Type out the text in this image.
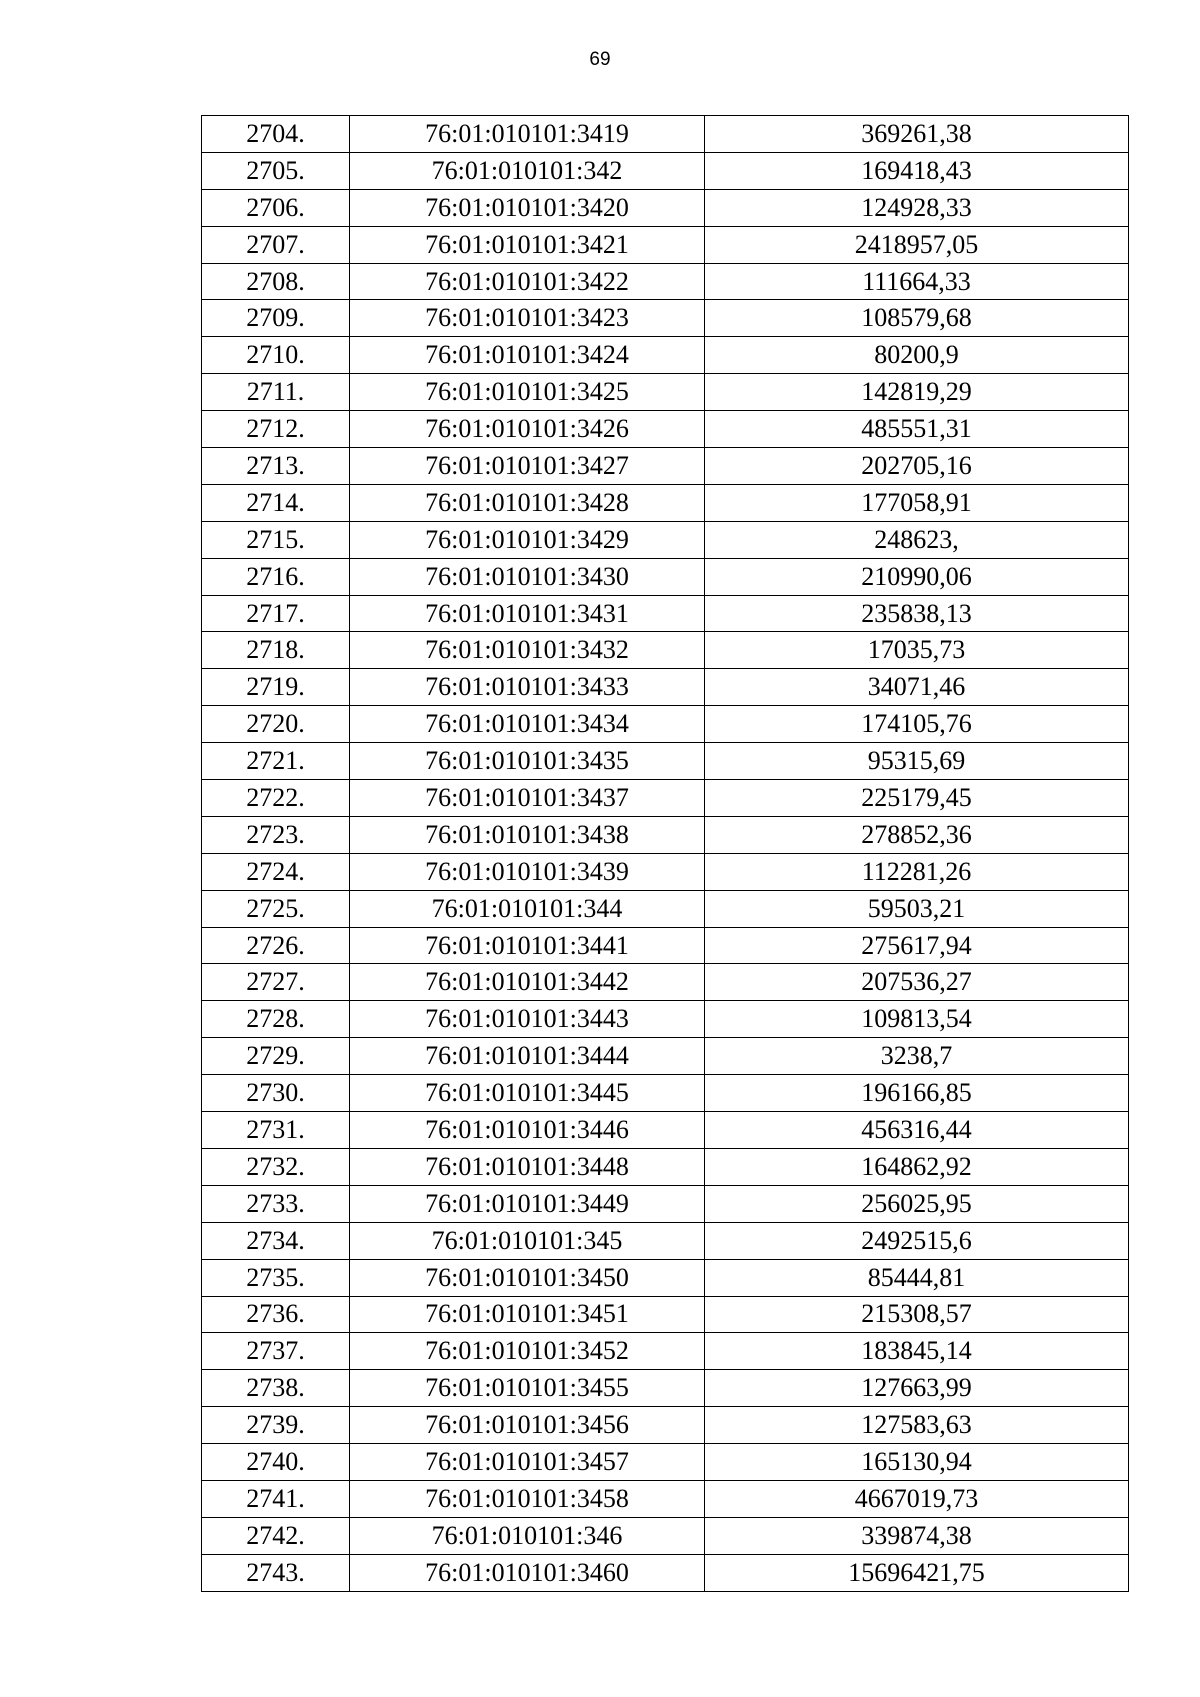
69
2704.	76:01:010101:3419	369261,38
2705.	76:01:010101:342	169418,43
2706.	76:01:010101:3420	124928,33
2707.	76:01:010101:3421	2418957,05
2708.	76:01:010101:3422	111664,33
2709.	76:01:010101:3423	108579,68
2710.	76:01:010101:3424	80200,9
2711.	76:01:010101:3425	142819,29
2712.	76:01:010101:3426	485551,31
2713.	76:01:010101:3427	202705,16
2714.	76:01:010101:3428	177058,91
2715.	76:01:010101:3429	248623,
2716.	76:01:010101:3430	210990,06
2717.	76:01:010101:3431	235838,13
2718.	76:01:010101:3432	17035,73
2719.	76:01:010101:3433	34071,46
2720.	76:01:010101:3434	174105,76
2721.	76:01:010101:3435	95315,69
2722.	76:01:010101:3437	225179,45
2723.	76:01:010101:3438	278852,36
2724.	76:01:010101:3439	112281,26
2725.	76:01:010101:344	59503,21
2726.	76:01:010101:3441	275617,94
2727.	76:01:010101:3442	207536,27
2728.	76:01:010101:3443	109813,54
2729.	76:01:010101:3444	3238,7
2730.	76:01:010101:3445	196166,85
2731.	76:01:010101:3446	456316,44
2732.	76:01:010101:3448	164862,92
2733.	76:01:010101:3449	256025,95
2734.	76:01:010101:345	2492515,6
2735.	76:01:010101:3450	85444,81
2736.	76:01:010101:3451	215308,57
2737.	76:01:010101:3452	183845,14
2738.	76:01:010101:3455	127663,99
2739.	76:01:010101:3456	127583,63
2740.	76:01:010101:3457	165130,94
2741.	76:01:010101:3458	4667019,73
2742.	76:01:010101:346	339874,38
2743.	76:01:010101:3460	15696421,75
